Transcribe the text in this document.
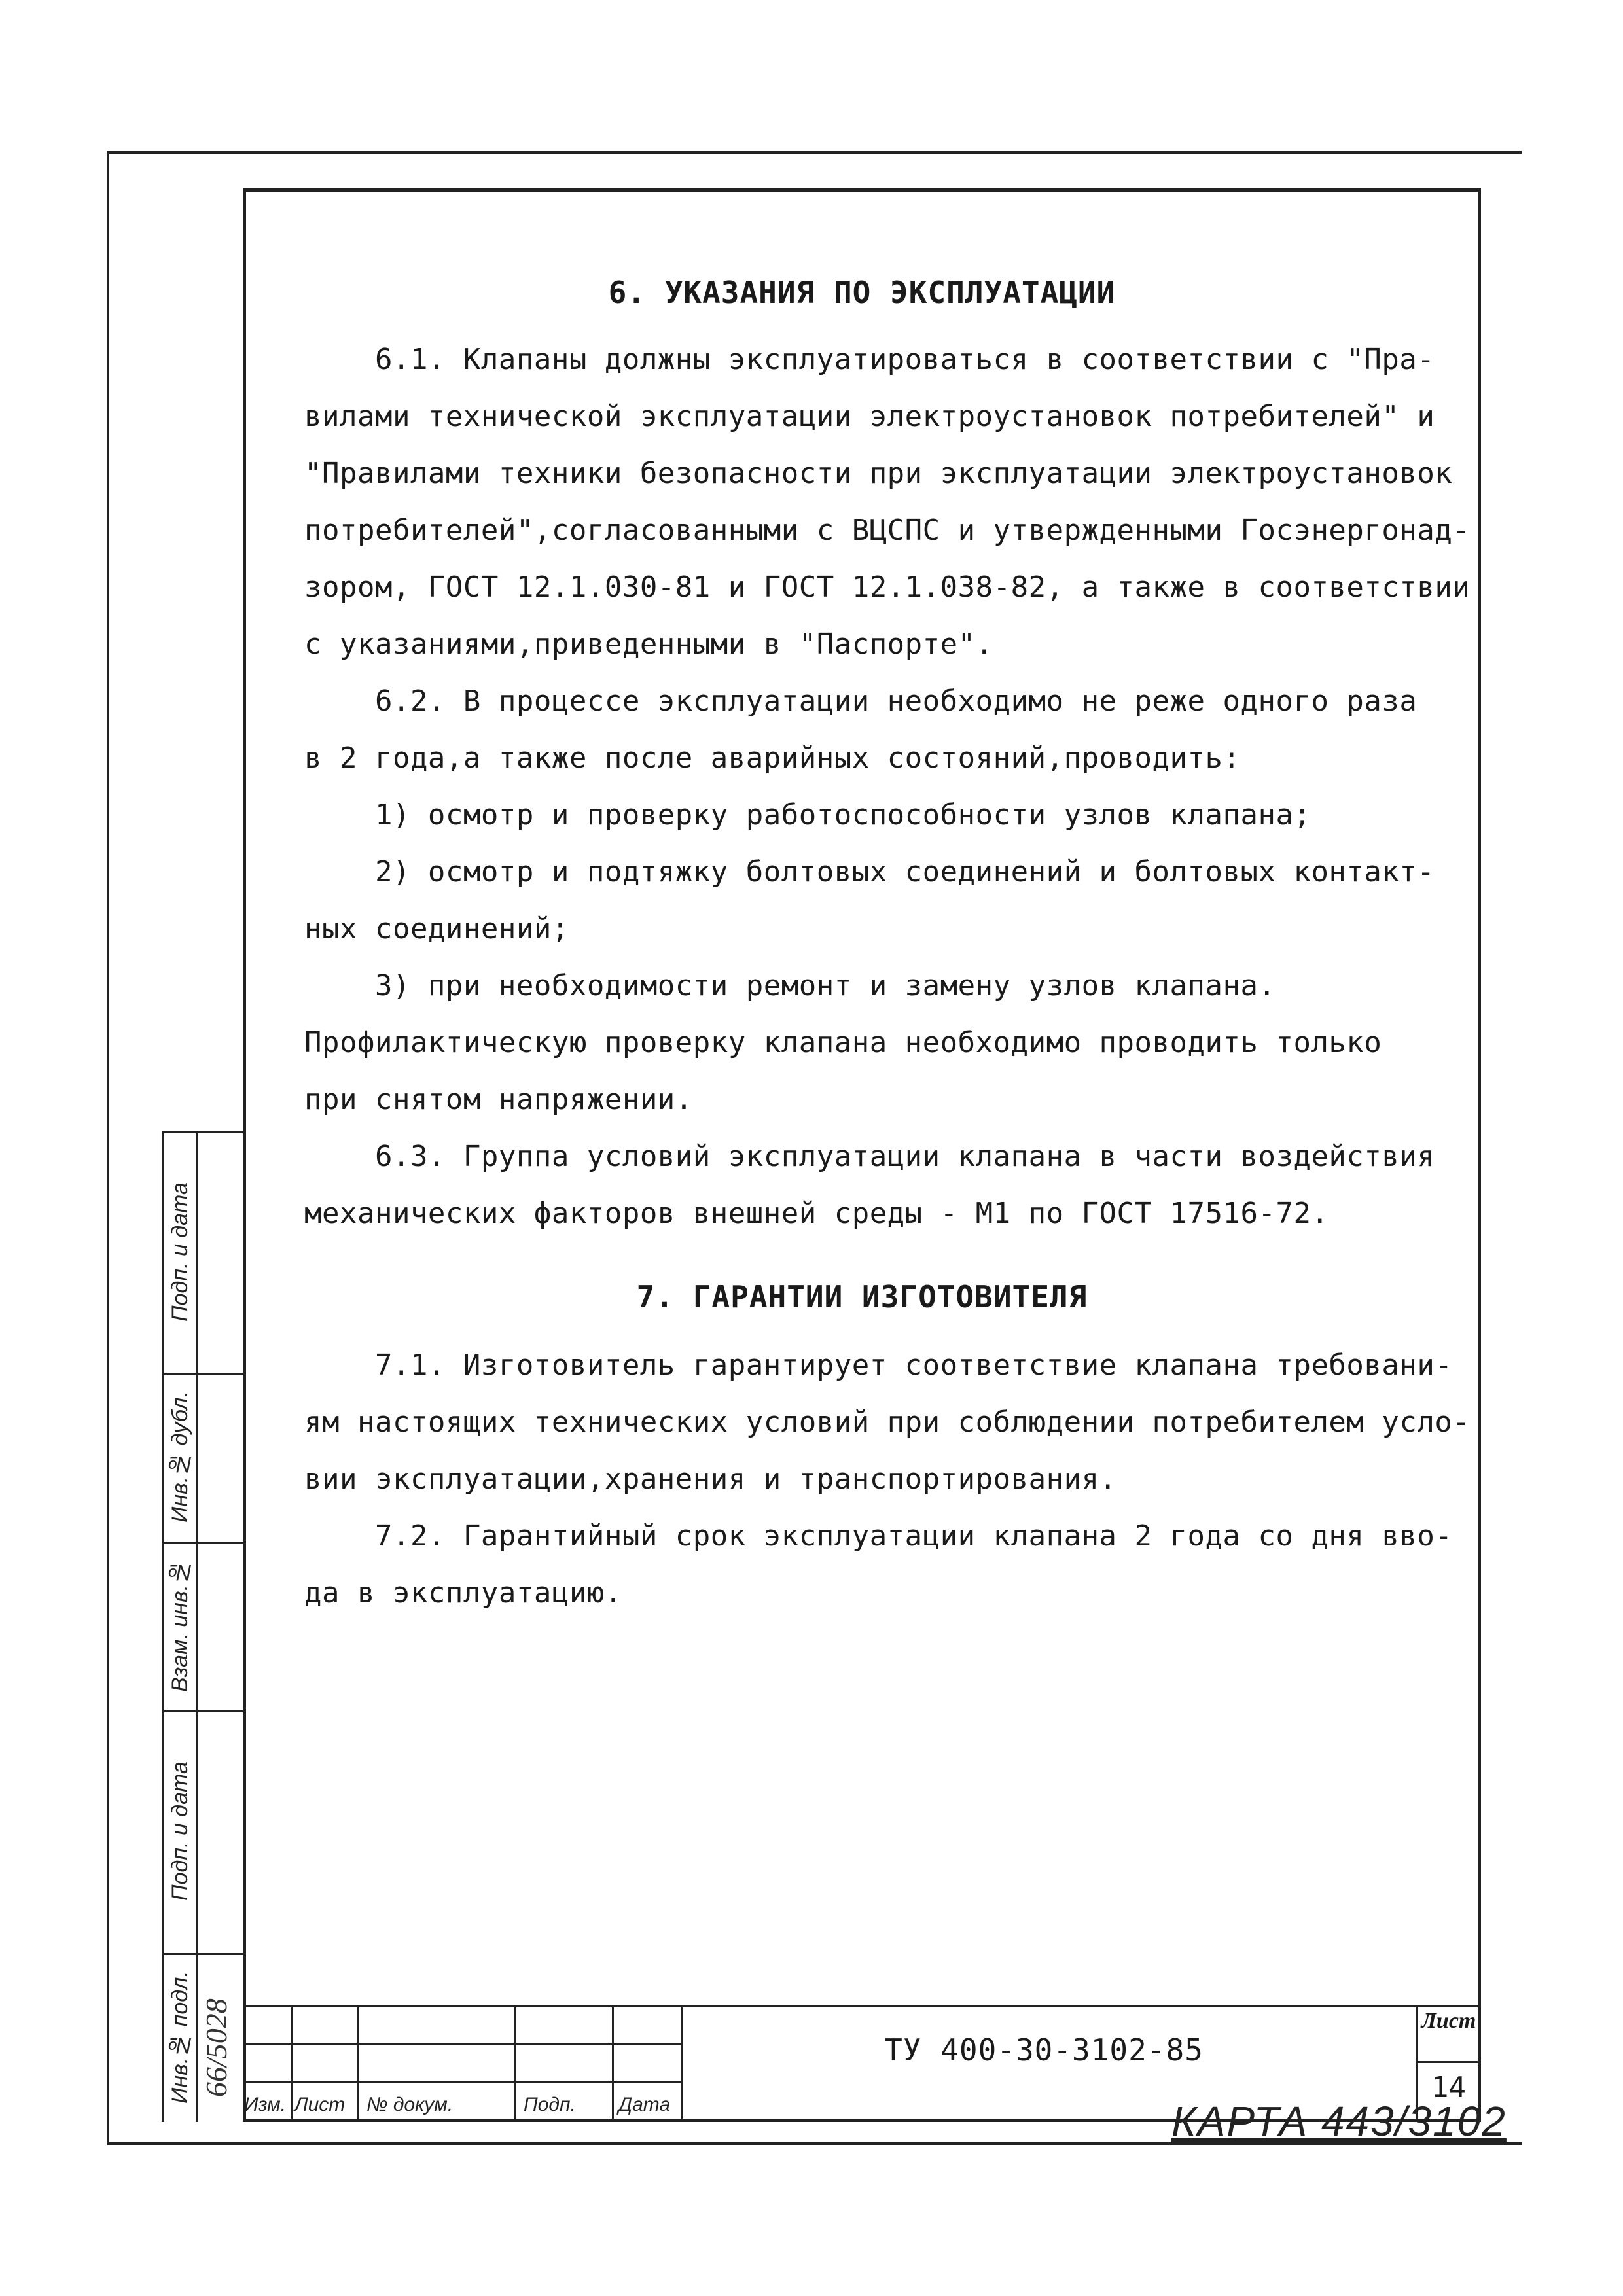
6. УКАЗАНИЯ ПО ЭКСПЛУАТАЦИИ
6.1. Клапаны должны эксплуатироваться в соответствии с "Пра-
вилами технической эксплуатации электроустановок потребителей" и
"Правилами техники безопасности при эксплуатации электроустановок
потребителей",согласованными с ВЦСПС и утвержденными Госэнергонад-
зором, ГОСТ 12.1.030-81 и ГОСТ 12.1.038-82, а также в соответствии
с указаниями,приведенными в "Паспорте".
6.2. В процессе эксплуатации необходимо не реже одного раза
в 2 года,а также после аварийных состояний,проводить:
1) осмотр и проверку работоспособности узлов клапана;
2) осмотр и подтяжку болтовых соединений и болтовых контакт-
ных соединений;
3) при необходимости ремонт и замену узлов клапана.
Профилактическую проверку клапана необходимо проводить только
при снятом напряжении.
6.3. Группа условий эксплуатации клапана в части воздействия
механических факторов внешней среды - М1 по ГОСТ 17516-72.
7. ГАРАНТИИ ИЗГОТОВИТЕЛЯ
7.1. Изготовитель гарантирует соответствие клапана требовани-
ям настоящих технических условий при соблюдении потребителем усло-
вии эксплуатации,хранения и транспортирования.
7.2. Гарантийный срок эксплуатации клапана 2 года со дня вво-
да в эксплуатацию.
Подп. и дата
Инв.№ дубл.
Взам. инв.№
Подп. и дата
Инв.№ подл. 66/5028
Изм. Лист № докум.	Подп. Дата
ТУ 400-30-3102-85
Лист
14
КАРТА 443/3102
